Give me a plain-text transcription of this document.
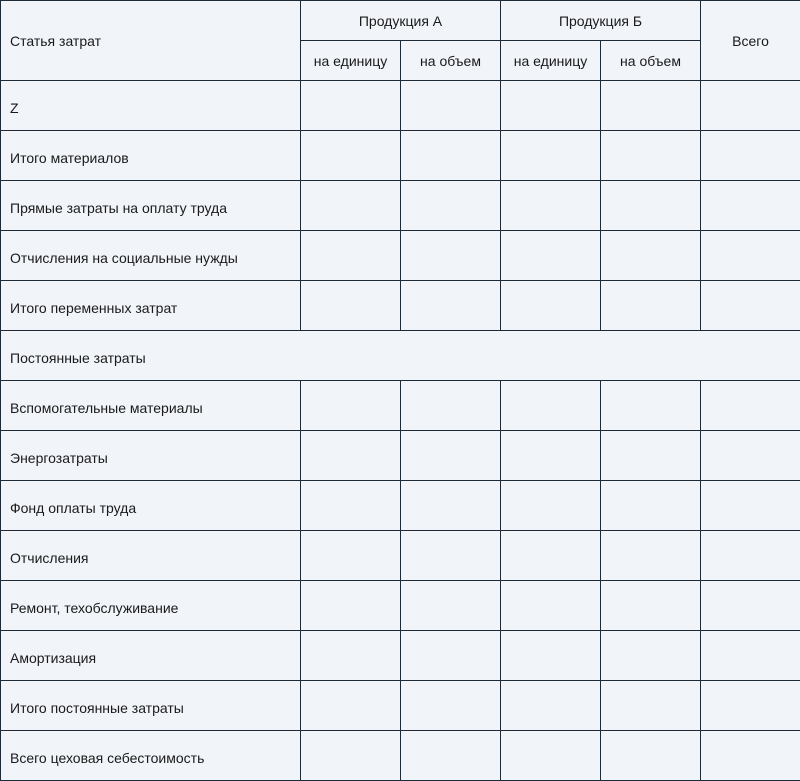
Статья затрат	Продукция А		Продукция Б		Всего
	на единицу	на объем	на единицу	на объем	
Z					
Итого материалов					
Прямые затраты на оплату труда					
Отчисления на социальные нужды					
Итого переменных затрат					
Постоянные затраты					
Вспомогательные материалы					
Энергозатраты					
Фонд оплаты труда					
Отчисления					
Ремонт, техобслуживание					
Амортизация					
Итого постоянные затраты					
Всего цеховая себестоимость					
